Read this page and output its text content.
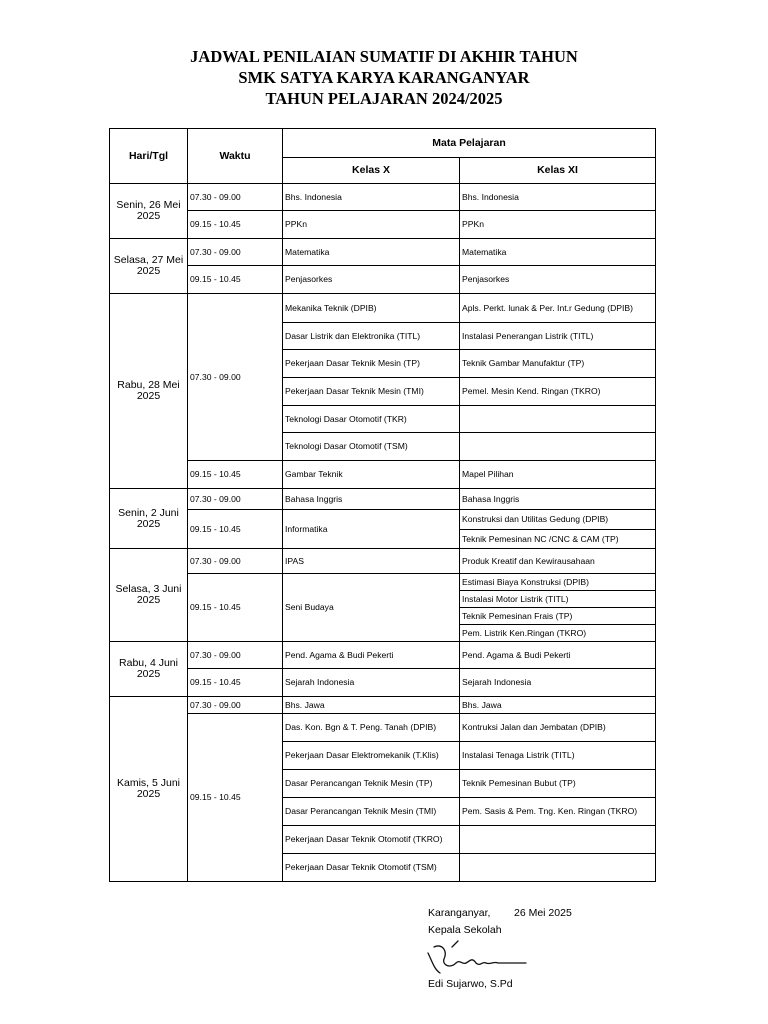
JADWAL PENILAIAN SUMATIF DI AKHIR TAHUN
SMK SATYA KARYA KARANGANYAR
TAHUN PELAJARAN 2024/2025
Hari/Tgl	Waktu	Mata Pelajaran	
		Kelas X	Kelas XI
Senin, 26 Mei 2025	07.30 - 09.00	Bhs. Indonesia	Bhs. Indonesia
	09.15 - 10.45	PPKn	PPKn
Selasa, 27 Mei 2025	07.30 - 09.00	Matematika	Matematika
	09.15 - 10.45	Penjasorkes	Penjasorkes
Rabu, 28 Mei 2025	07.30 - 09.00	Mekanika Teknik (DPIB)	Apls. Perkt. lunak & Per. Int.r Gedung (DPIB)
		Dasar Listrik dan Elektronika (TITL)	Instalasi Penerangan Listrik (TITL)
		Pekerjaan Dasar Teknik Mesin (TP)	Teknik Gambar Manufaktur (TP)
		Pekerjaan Dasar Teknik Mesin (TMI)	Pemel. Mesin Kend. Ringan (TKRO)
		Teknologi Dasar Otomotif (TKR)	
		Teknologi Dasar Otomotif (TSM)	
	09.15 - 10.45	Gambar Teknik	Mapel Pilihan
Senin, 2 Juni 2025	07.30 - 09.00	Bahasa Inggris	Bahasa Inggris
	09.15 - 10.45	Informatika	Konstruksi dan Utilitas Gedung (DPIB)
			Teknik Pemesinan NC /CNC & CAM (TP)
Selasa, 3 Juni 2025	07.30 - 09.00	IPAS	Produk Kreatif dan Kewirausahaan
	09.15 - 10.45	Seni Budaya	Estimasi Biaya Konstruksi (DPIB)
			Instalasi Motor Listrik (TITL)
			Teknik Pemesinan Frais (TP)
			Pem. Listrik Ken.Ringan (TKRO)
Rabu, 4 Juni 2025	07.30 - 09.00	Pend. Agama & Budi Pekerti	Pend. Agama & Budi Pekerti
	09.15 - 10.45	Sejarah Indonesia	Sejarah Indonesia
Kamis, 5 Juni 2025	07.30 - 09.00	Bhs. Jawa	Bhs. Jawa
	09.15 - 10.45	Das. Kon. Bgn & T. Peng. Tanah (DPIB)	Kontruksi Jalan dan Jembatan (DPIB)
		Pekerjaan Dasar Elektromekanik (T.Klis)	Instalasi Tenaga Listrik (TITL)
		Dasar Perancangan Teknik Mesin (TP)	Teknik Pemesinan Bubut (TP)
		Dasar Perancangan Teknik Mesin (TMI)	Pem. Sasis & Pem. Tng. Ken. Ringan (TKRO)
		Pekerjaan Dasar Teknik Otomotif (TKRO)	
		Pekerjaan Dasar Teknik Otomotif (TSM)	
Karanganyar, 26 Mei 2025
Kepala Sekolah
Edi Sujarwo, S.Pd
